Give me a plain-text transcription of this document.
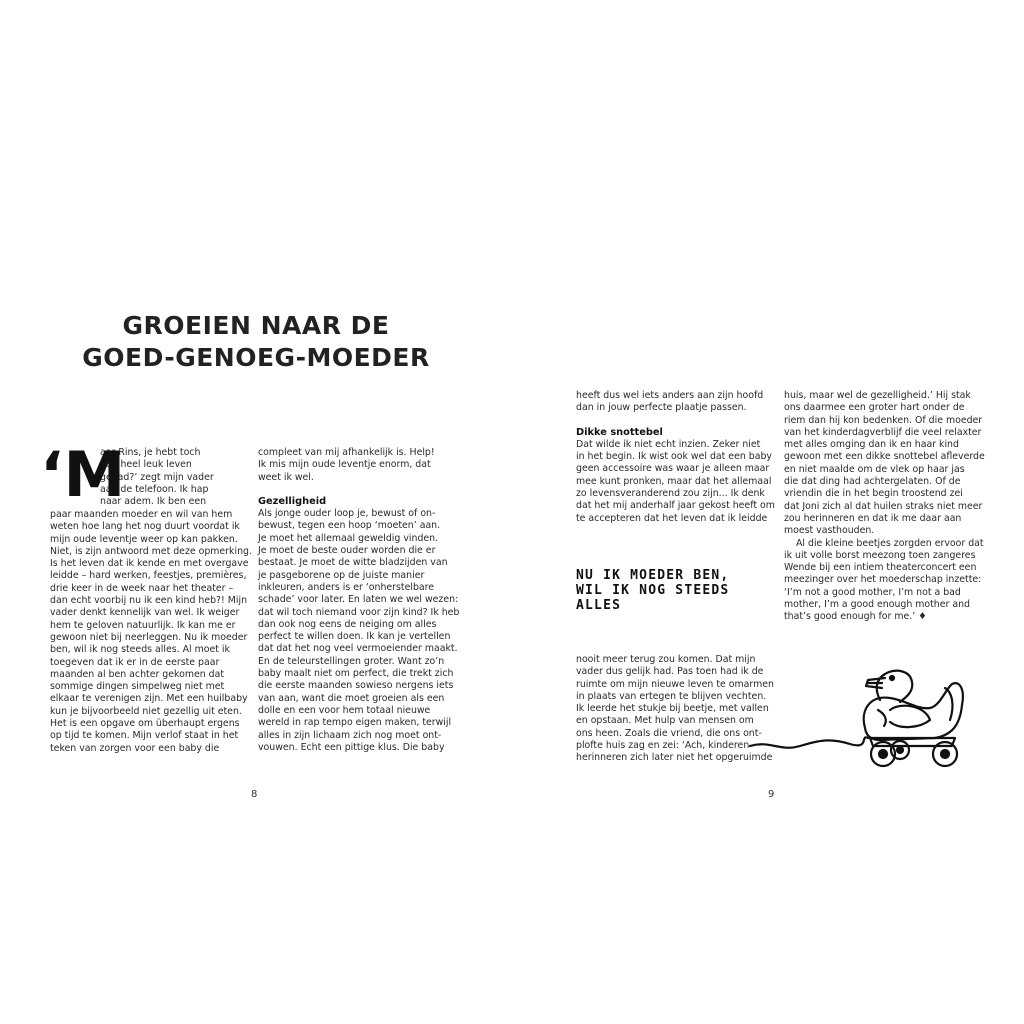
GROEIEN NAAR DE
GOED-GENOEG-MOEDER
‘M

aar Rins, je hebt toch

een heel leuk leven

gehad?’ zegt mijn vader

aan de telefoon. Ik hap

naar adem. Ik ben een

paar maanden moeder en wil van hem

weten hoe lang het nog duurt voordat ik

mijn oude leventje weer op kan pakken.

Niet, is zijn antwoord met deze opmerking.

Is het leven dat ik kende en met overgave

leidde – hard werken, feestjes, premières,

drie keer in de week naar het theater –

dan echt voorbij nu ik een kind heb?! Mijn

vader denkt kennelijk van wel. Ik weiger

hem te geloven natuurlijk. Ik kan me er

gewoon niet bij neerleggen. Nu ik moeder

ben, wil ik nog steeds alles. Al moet ik

toegeven dat ik er in de eerste paar

maanden al ben achter gekomen dat

sommige dingen simpelweg niet met

elkaar te verenigen zijn. Met een huilbaby

kun je bijvoorbeeld niet gezellig uit eten.

Het is een opgave om überhaupt ergens

op tijd te komen. Mijn verlof staat in het

teken van zorgen voor een baby die

compleet van mij afhankelijk is. Help!

Ik mis mijn oude leventje enorm, dat

weet ik wel.

Gezelligheid

Als jonge ouder loop je, bewust of on-

bewust, tegen een hoop ‘moeten’ aan.

Je moet het allemaal geweldig vinden.

Je moet de beste ouder worden die er

bestaat. Je moet de witte bladzijden van

je pasgeborene op de juiste manier

inkleuren, anders is er ‘onherstelbare

schade’ voor later. En laten we wel wezen:

dat wil toch niemand voor zijn kind? Ik heb

dan ook nog eens de neiging om alles

perfect te willen doen. Ik kan je vertellen

dat dat het nog veel vermoeiender maakt.

En de teleurstellingen groter. Want zo’n

baby maalt niet om perfect, die trekt zich

die eerste maanden sowieso nergens iets

van aan, want die moet groeien als een

dolle en een voor hem totaal nieuwe

wereld in rap tempo eigen maken, terwijl

alles in zijn lichaam zich nog moet ont-

vouwen. Echt een pittige klus. Die baby

heeft dus wel iets anders aan zijn hoofd

dan in jouw perfecte plaatje passen.

Dikke snottebel

Dat wilde ik niet echt inzien. Zeker niet

in het begin. Ik wist ook wel dat een baby

geen accessoire was waar je alleen maar

mee kunt pronken, maar dat het allemaal

zo levensveranderend zou zijn... Ik denk

dat het mij anderhalf jaar gekost heeft om

te accepteren dat het leven dat ik leidde

NU IK MOEDER BEN,
WIL IK NOG STEEDS
ALLES

nooit meer terug zou komen. Dat mijn

vader dus gelijk had. Pas toen had ik de

ruimte om mijn nieuwe leven te omarmen

in plaats van ertegen te blijven vechten.

Ik leerde het stukje bij beetje, met vallen

en opstaan. Met hulp van mensen om

ons heen. Zoals die vriend, die ons ont-

plofte huis zag en zei: ‘Ach, kinderen

herinneren zich later niet het opgeruimde

huis, maar wel de gezelligheid.’ Hij stak

ons daarmee een groter hart onder de

riem dan hij kon bedenken. Of die moeder

van het kinderdagverblijf die veel relaxter

met alles omging dan ik en haar kind

gewoon met een dikke snottebel afleverde

en niet maalde om de vlek op haar jas

die dat ding had achtergelaten. Of de

vriendin die in het begin troostend zei

dat Joni zich al dat huilen straks niet meer

zou herinneren en dat ik me daar aan

moest vasthouden.

Al die kleine beetjes zorgden ervoor dat

ik uit volle borst meezong toen zangeres

Wende bij een intiem theaterconcert een

meezinger over het moederschap inzette:

‘I’m not a good mother, I’m not a bad

mother, I’m a good enough mother and

that’s good enough for me.’ ♦

8	9
